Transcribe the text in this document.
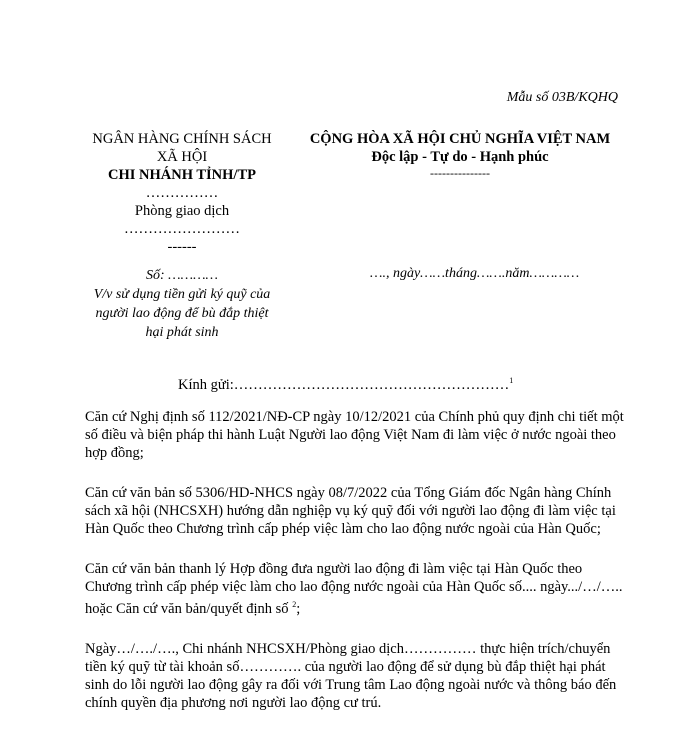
Mẫu số 03B/KQHQ
NGÂN HÀNG CHÍNH SÁCH
XÃ HỘI
CHI NHÁNH TỈNH/TP
……………
Phòng giao dịch
……………………
------
CỘNG HÒA XÃ HỘI CHỦ NGHĨA VIỆT NAM
Độc lập - Tự do - Hạnh phúc
---------------
Số: …………
V/v sử dụng tiền gửi ký quỹ của
người lao động để bù đắp thiệt
hại phát sinh
…., ngày……tháng…….năm…………
Kính gửi:…………………………………………………$^1$

Căn cứ Nghị định số 112/2021/NĐ-CP ngày 10/12/2021 của Chính phủ quy định chi tiết một số điều và biện pháp thi hành Luật Người lao động Việt Nam đi làm việc ở nước ngoài theo hợp đồng;

Căn cứ văn bản số 5306/HD-NHCS ngày 08/7/2022 của Tổng Giám đốc Ngân hàng Chính sách xã hội (NHCSXH) hướng dẫn nghiệp vụ ký quỹ đối với người lao động đi làm việc tại Hàn Quốc theo Chương trình cấp phép việc làm cho lao động nước ngoài của Hàn Quốc;

Căn cứ văn bản thanh lý Hợp đồng đưa người lao động đi làm việc tại Hàn Quốc theo Chương trình cấp phép việc làm cho lao động nước ngoài của Hàn Quốc số.... ngày.../…/….. hoặc Căn cứ văn bản/quyết định số $^2$;

Ngày…/…./…., Chi nhánh NHCSXH/Phòng giao dịch…………… thực hiện trích/chuyển tiền ký quỹ từ tài khoản số…………. của người lao động để sử dụng bù đắp thiệt hại phát sinh do lỗi người lao động gây ra đối với Trung tâm Lao động ngoài nước và thông báo đến chính quyền địa phương nơi người lao động cư trú.
